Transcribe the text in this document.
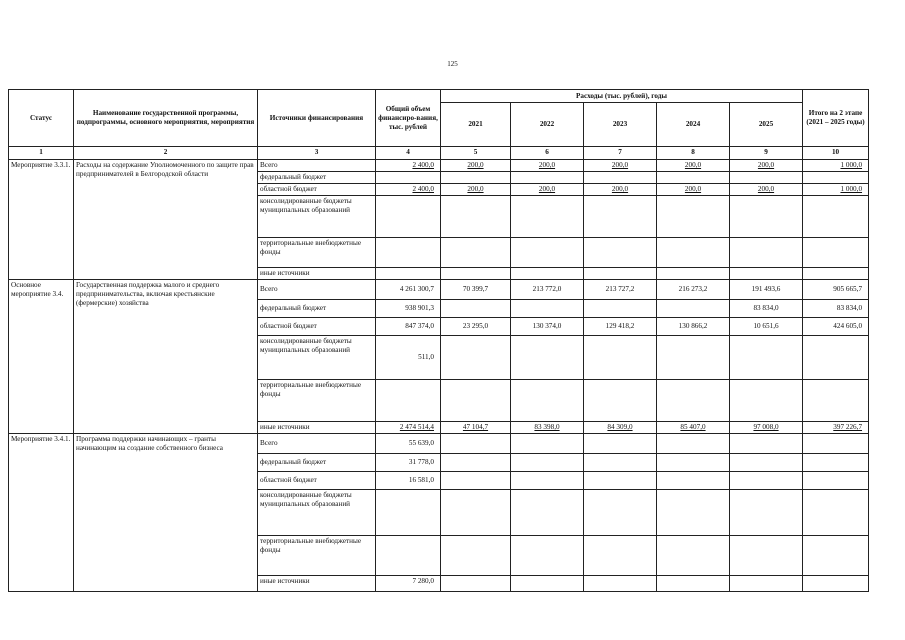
125
Статус	Наименование государственной программы, подпрограммы, основного мероприятия, мероприятия	Источники финансирования	Общий объем финансиро-вания, тыс. рублей	Расходы (тыс. рублей), годы					Итого на 2 этапе (2021 – 2025 годы)
				2021	2022	2023	2024	2025	
1	2	3	4	5	6	7	8	9	10
Мероприятие 3.3.1.	Расходы на содержание Уполномоченного по защите прав предпринимателей в Белгородской области	Всего	2 400,0	200,0	200,0	200,0	200,0	200,0	1 000,0
		федеральный бюджет							
		областной бюджет	2 400,0	200,0	200,0	200,0	200,0	200,0	1 000,0
		консолидированные бюджеты муниципальных образований							
		территориальные внебюджетные фонды							
		иные источники							
Основное мероприятие 3.4.	Государственная поддержка малого и среднего предпринимательства, включая крестьянские (фермерские) хозяйства	Всего	4 261 300,7	70 399,7	213 772,0	213 727,2	216 273,2	191 493,6	905 665,7
		федеральный бюджет	938 901,3					83 834,0	83 834,0
		областной бюджет	847 374,0	23 295,0	130 374,0	129 418,2	130 866,2	10 651,6	424 605,0
		консолидированные бюджеты муниципальных образований	511,0						
		территориальные внебюджетные фонды							
		иные источники	2 474 514,4	47 104,7	83 398,0	84 309,0	85 407,0	97 008,0	397 226,7
Мероприятие 3.4.1.	Программа поддержки начинающих – гранты начинающим на создание собственного бизнеса	Всего	55 639,0						
		федеральный бюджет	31 778,0						
		областной бюджет	16 581,0						
		консолидированные бюджеты муниципальных образований							
		территориальные внебюджетные фонды							
		иные источники	7 280,0						
